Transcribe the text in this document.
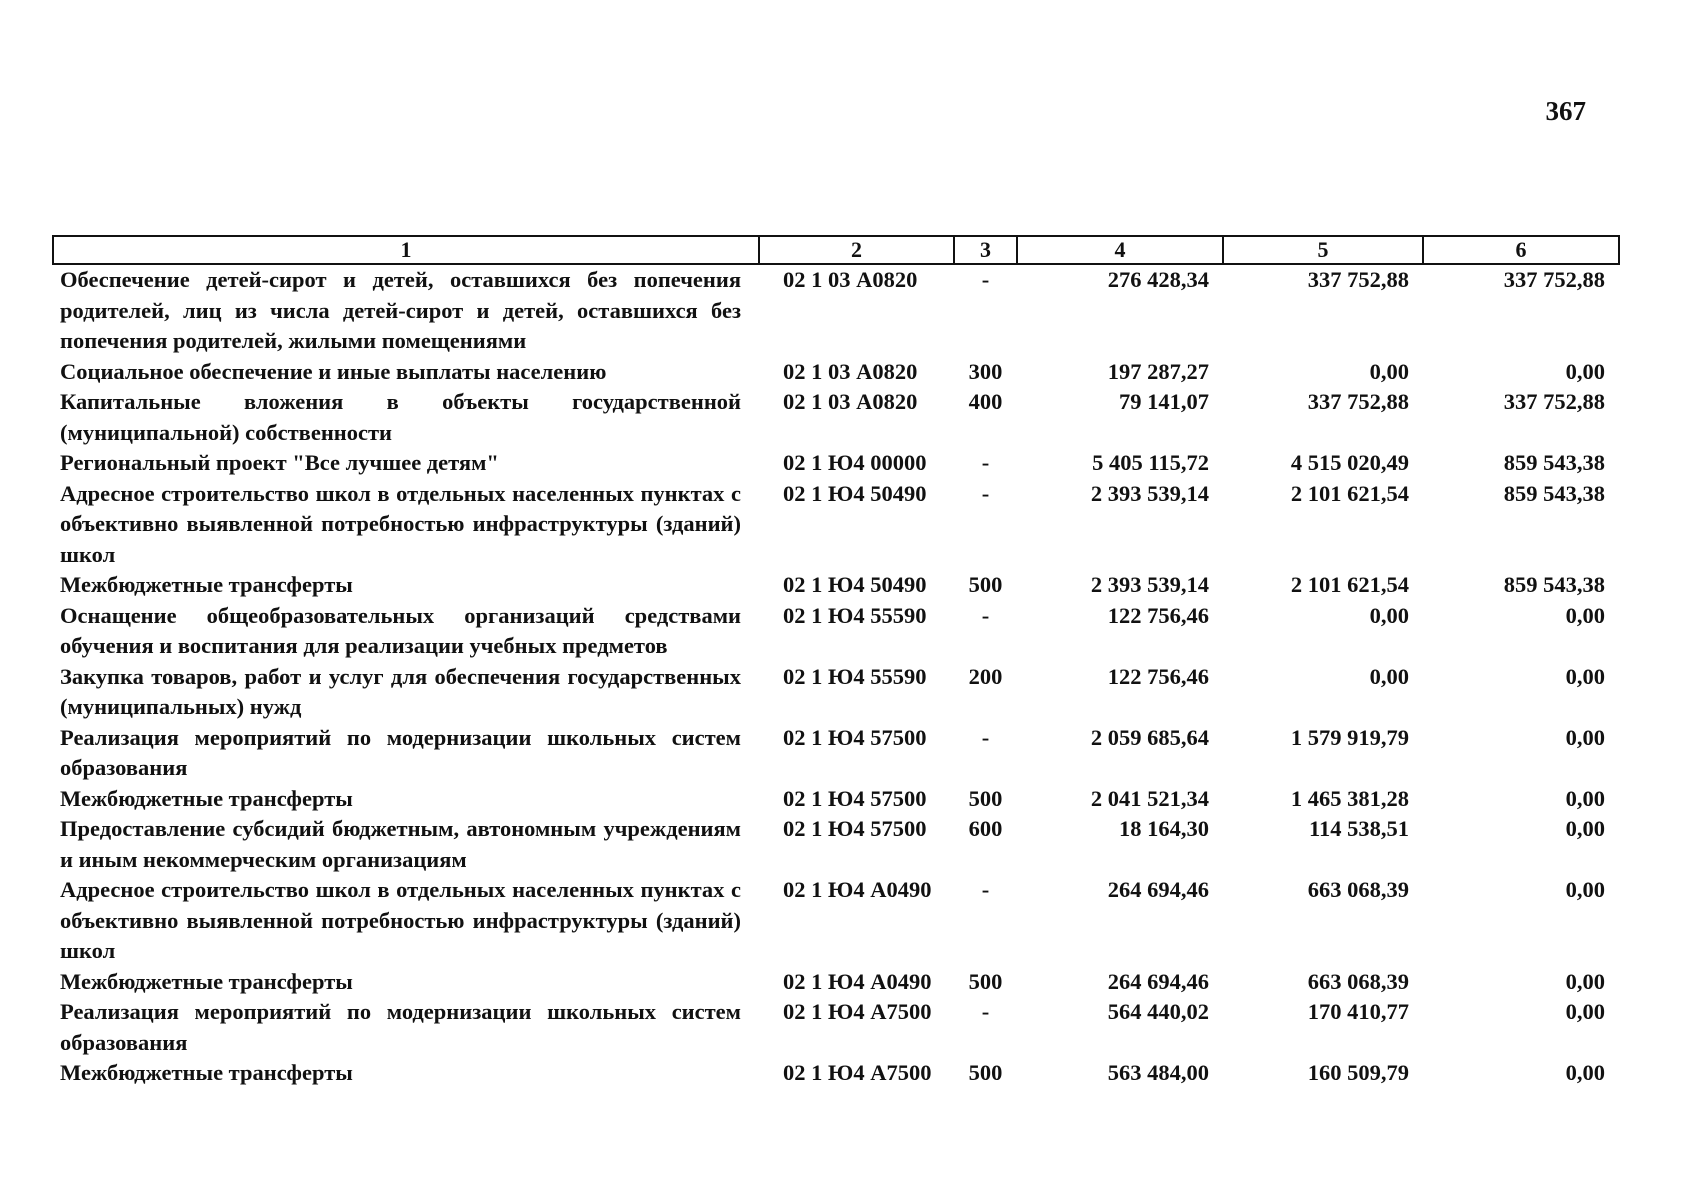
367
1	2	3	4	5	6
Обеспечение детей-сирот и детей, оставшихся без попечения родителей, лиц из числа детей-сирот и детей, оставшихся без попечения родителей, жилыми помещениями	02 1 03 А0820	-	276 428,34	337 752,88	337 752,88
Социальное обеспечение и иные выплаты населению	02 1 03 А0820	300	197 287,27	0,00	0,00
Капитальные вложения в объекты государственной (муниципальной) собственности	02 1 03 А0820	400	79 141,07	337 752,88	337 752,88
Региональный проект "Все лучшее детям"	02 1 Ю4 00000	-	5 405 115,72	4 515 020,49	859 543,38
Адресное строительство школ в отдельных населенных пунктах с объективно выявленной потребностью инфраструктуры (зданий) школ	02 1 Ю4 50490	-	2 393 539,14	2 101 621,54	859 543,38
Межбюджетные трансферты	02 1 Ю4 50490	500	2 393 539,14	2 101 621,54	859 543,38
Оснащение общеобразовательных организаций средствами обучения и воспитания для реализации учебных предметов	02 1 Ю4 55590	-	122 756,46	0,00	0,00
Закупка товаров, работ и услуг для обеспечения государственных (муниципальных) нужд	02 1 Ю4 55590	200	122 756,46	0,00	0,00
Реализация мероприятий по модернизации школьных систем образования	02 1 Ю4 57500	-	2 059 685,64	1 579 919,79	0,00
Межбюджетные трансферты	02 1 Ю4 57500	500	2 041 521,34	1 465 381,28	0,00
Предоставление субсидий бюджетным, автономным учреждениям и иным некоммерческим организациям	02 1 Ю4 57500	600	18 164,30	114 538,51	0,00
Адресное строительство школ в отдельных населенных пунктах с объективно выявленной потребностью инфраструктуры (зданий) школ	02 1 Ю4 А0490	-	264 694,46	663 068,39	0,00
Межбюджетные трансферты	02 1 Ю4 А0490	500	264 694,46	663 068,39	0,00
Реализация мероприятий по модернизации школьных систем образования	02 1 Ю4 А7500	-	564 440,02	170 410,77	0,00
Межбюджетные трансферты	02 1 Ю4 А7500	500	563 484,00	160 509,79	0,00
